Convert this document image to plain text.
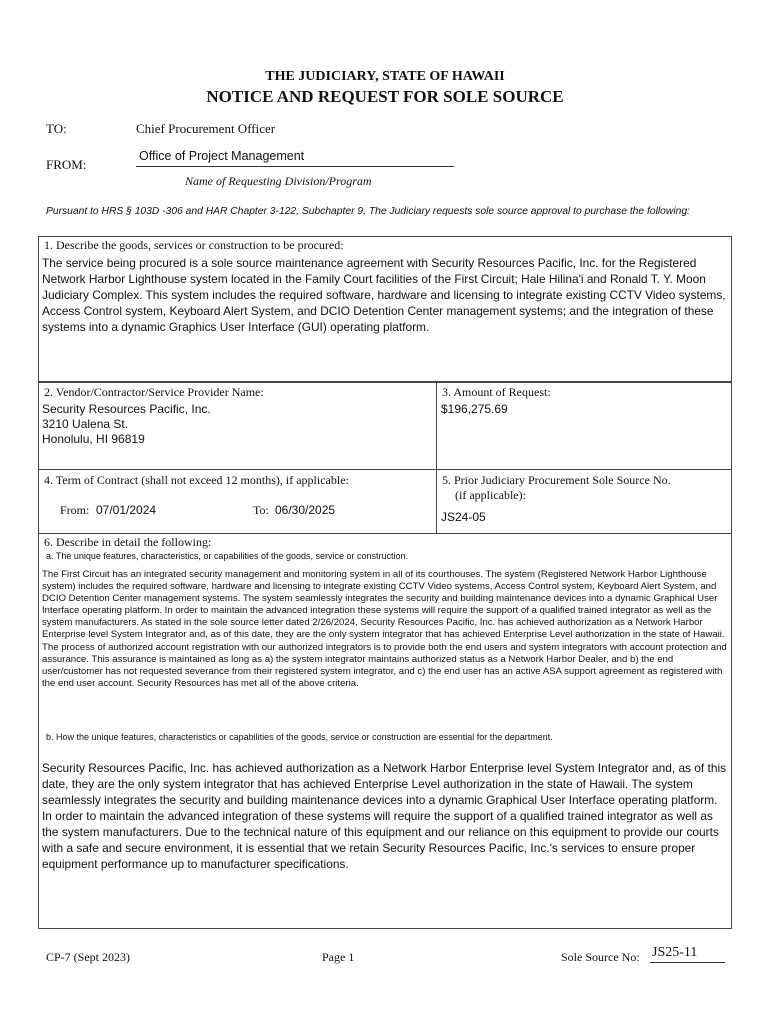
THE JUDICIARY, STATE OF HAWAII
NOTICE AND REQUEST FOR SOLE SOURCE
TO:	Chief Procurement Officer
FROM:
Office of Project Management
Name of Requesting Division/Program
Pursuant to HRS § 103D -306 and HAR Chapter 3-122, Subchapter 9, The Judiciary requests sole source approval to purchase the following:
1. Describe the goods, services or construction to be procured:
The service being procured is a sole source maintenance agreement with Security Resources Pacific, Inc. for the Registered Network Harbor Lighthouse system located in the Family Court facilities of the First Circuit; Hale Hilina'i and Ronald T. Y. Moon Judiciary Complex. This system includes the required software, hardware and licensing to integrate existing CCTV Video systems, Access Control system, Keyboard Alert System, and DCIO Detention Center management systems; and the integration of these systems into a dynamic Graphics User Interface (GUI) operating platform.
2. Vendor/Contractor/Service Provider Name:
Security Resources Pacific, Inc.
3210 Ualena St.
Honolulu, HI 96819
3. Amount of Request:
$196,275.69
4. Term of Contract (shall not exceed 12 months), if applicable:
From: 07/01/2024	To: 06/30/2025
5. Prior Judiciary Procurement Sole Source No.
(if applicable):
JS24-05
6. Describe in detail the following:
a. The unique features, characteristics, or capabilities of the goods, service or construction.
The First Circuit has an integrated security management and monitoring system in all of its courthouses. The system (Registered Network Harbor Lighthouse system) includes the required software, hardware and licensing to integrate existing CCTV Video systems, Access Control system, Keyboard Alert System, and DCIO Detention Center management systems. The system seamlessly integrates the security and building maintenance devices into a dynamic Graphical User Interface operating platform. In order to maintain the advanced integration these systems will require the support of a qualified trained integrator as well as the system manufacturers. As stated in the sole source letter dated 2/26/2024, Security Resources Pacific, Inc. has achieved authorization as a Network Harbor Enterprise level System Integrator and, as of this date, they are the only system integrator that has achieved Enterprise Level authorization in the state of Hawaii. The process of authorized account registration with our authorized integrators is to provide both the end users and system integrators with account protection and assurance. This assurance is maintained as long as a) the system integrator maintains authorized status as a Network Harbor Dealer, and b) the end user/customer has not requested severance from their registered system integrator, and c) the end user has an active ASA support agreement as registered with the end user account. Security Resources has met all of the above criteria.
b. How the unique features, characteristics or capabilities of the goods, service or construction are essential for the department.
Security Resources Pacific, Inc. has achieved authorization as a Network Harbor Enterprise level System Integrator and, as of this date, they are the only system integrator that has achieved Enterprise Level authorization in the state of Hawaii. The system seamlessly integrates the security and building maintenance devices into a dynamic Graphical User Interface operating platform. In order to maintain the advanced integration of these systems will require the support of a qualified trained integrator as well as the system manufacturers. Due to the technical nature of this equipment and our reliance on this equipment to provide our courts with a safe and secure environment, it is essential that we retain Security Resources Pacific, Inc.'s services to ensure proper equipment performance up to manufacturer specifications.
CP-7 (Sept 2023)	Page 1	Sole Source No: JS25-11
